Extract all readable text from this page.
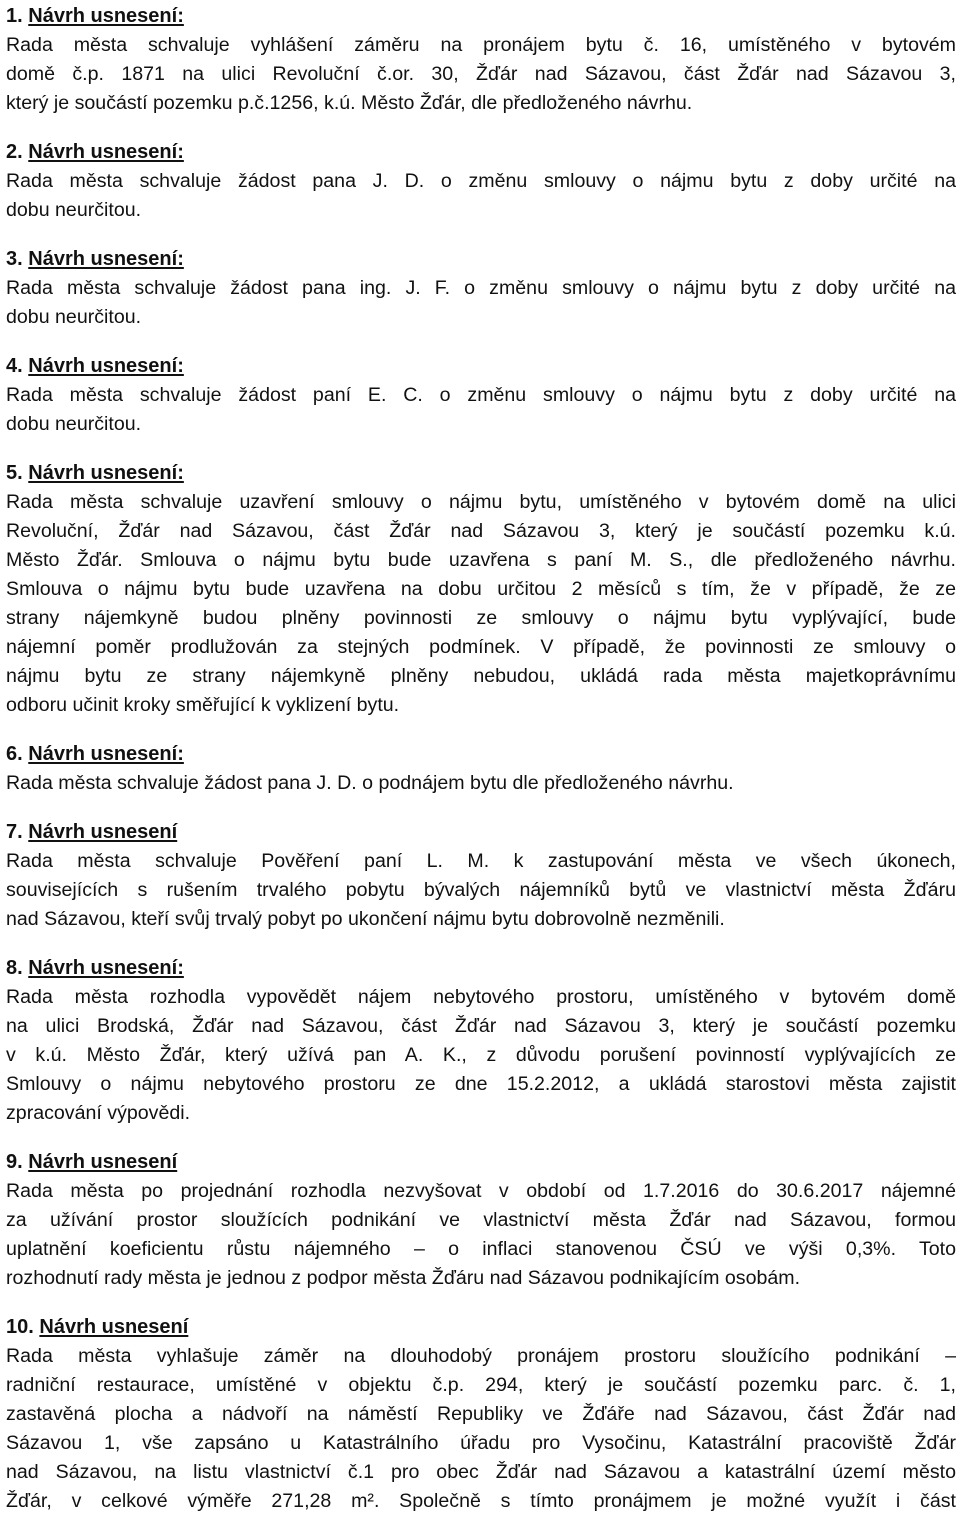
1. Návrh usnesení:
Rada města schvaluje vyhlášení záměru na pronájem bytu č. 16, umístěného v bytovém
domě č.p. 1871 na ulici Revoluční č.or. 30, Žďár nad Sázavou, část Žďár nad Sázavou 3,
který je součástí pozemku p.č.1256, k.ú. Město Žďár, dle předloženého návrhu.
2. Návrh usnesení:
Rada města schvaluje žádost pana J. D. o změnu smlouvy o nájmu bytu z doby určité na
dobu neurčitou.
3. Návrh usnesení:
Rada města schvaluje žádost pana ing. J. F. o změnu smlouvy o nájmu bytu z doby určité na
dobu neurčitou.
4. Návrh usnesení:
Rada města schvaluje žádost paní E. C. o změnu smlouvy o nájmu bytu z doby určité na
dobu neurčitou.
5. Návrh usnesení:
Rada města schvaluje uzavření smlouvy o nájmu bytu, umístěného v bytovém domě na ulici
Revoluční, Žďár nad Sázavou, část Žďár nad Sázavou 3, který je součástí pozemku k.ú.
Město Žďár. Smlouva o nájmu bytu bude uzavřena s paní M. S., dle předloženého návrhu.
Smlouva o nájmu bytu bude uzavřena na dobu určitou 2 měsíců s tím, že v případě, že ze
strany nájemkyně budou plněny povinnosti ze smlouvy o nájmu bytu vyplývající, bude
nájemní poměr prodlužován za stejných podmínek. V případě, že povinnosti ze smlouvy o
nájmu bytu ze strany nájemkyně plněny nebudou, ukládá rada města majetkoprávnímu
odboru učinit kroky směřující k vyklizení bytu.
6. Návrh usnesení:
Rada města schvaluje žádost pana J. D. o podnájem bytu dle předloženého návrhu.
7. Návrh usnesení
Rada města schvaluje Pověření paní L. M. k zastupování města ve všech úkonech,
souvisejících s rušením trvalého pobytu bývalých nájemníků bytů ve vlastnictví města Žďáru
nad Sázavou, kteří svůj trvalý pobyt po ukončení nájmu bytu dobrovolně nezměnili.
8. Návrh usnesení:
Rada města rozhodla vypovědět nájem nebytového prostoru, umístěného v bytovém domě
na ulici Brodská, Žďár nad Sázavou, část Žďár nad Sázavou 3, který je součástí pozemku
v k.ú. Město Žďár, který užívá pan A. K., z důvodu porušení povinností vyplývajících ze
Smlouvy o nájmu nebytového prostoru ze dne 15.2.2012, a ukládá starostovi města zajistit
zpracování výpovědi.
9. Návrh usnesení
Rada města po projednání rozhodla nezvyšovat v období od 1.7.2016 do 30.6.2017 nájemné
za užívání prostor sloužících podnikání ve vlastnictví města Žďár nad Sázavou, formou
uplatnění koeficientu růstu nájemného – o inflaci stanovenou ČSÚ ve výši 0,3%. Toto
rozhodnutí rady města je jednou z podpor města Žďáru nad Sázavou podnikajícím osobám.
10. Návrh usnesení
Rada města vyhlašuje záměr na dlouhodobý pronájem prostoru sloužícího podnikání –
radniční restaurace, umístěné v objektu č.p. 294, který je součástí pozemku parc. č. 1,
zastavěná plocha a nádvoří na náměstí Republiky ve Žďáře nad Sázavou, část Žďár nad
Sázavou 1, vše zapsáno u Katastrálního úřadu pro Vysočinu, Katastrální pracoviště Žďár
nad Sázavou, na listu vlastnictví č.1 pro obec Žďár nad Sázavou a katastrální území město
Žďár, v celkové výměře 271,28 m². Společně s tímto pronájmem je možné využít i část
